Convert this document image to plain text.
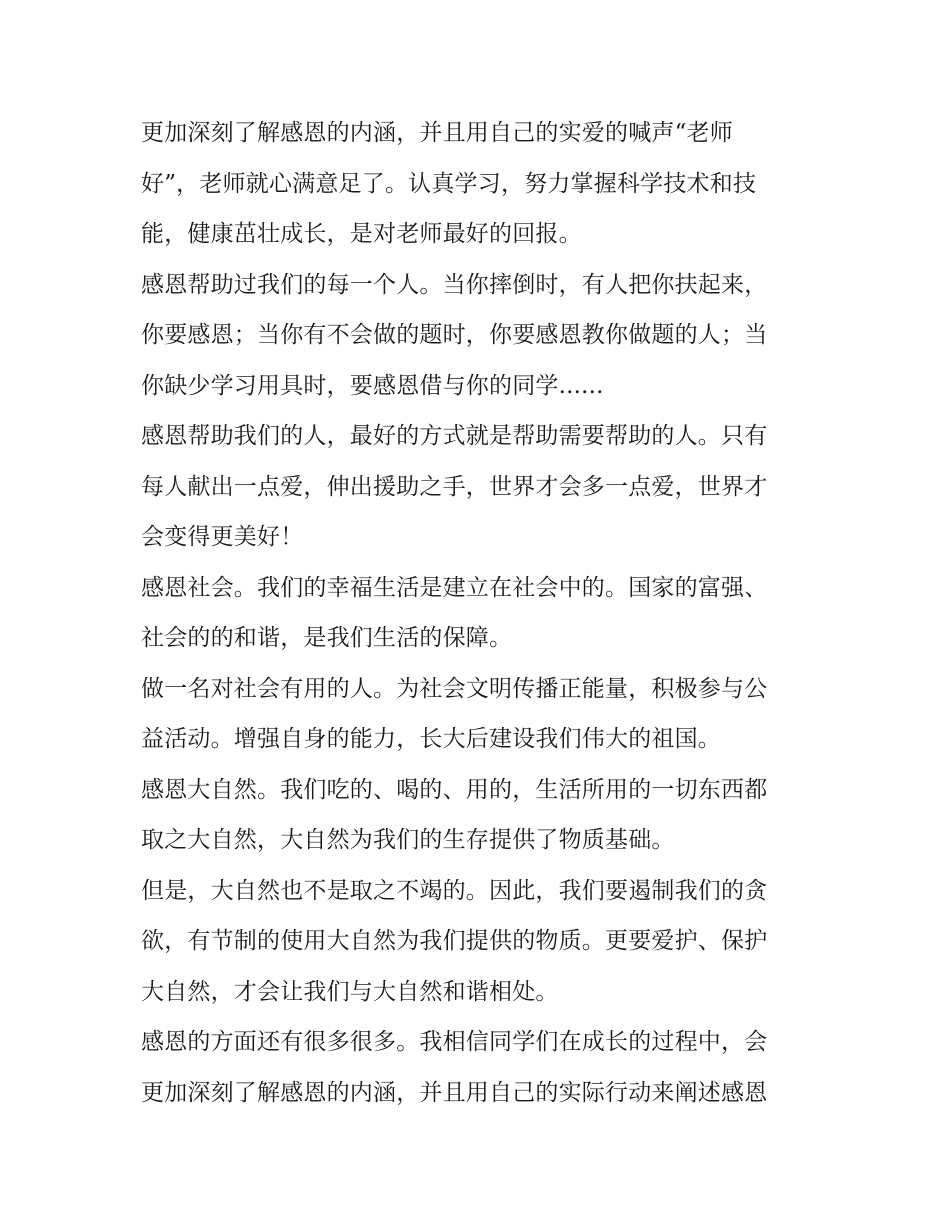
更加深刻了解感恩的内涵，并且用自己的实爱的喊声“老师
好”，老师就心满意足了。认真学习，努力掌握科学技术和技
能，健康茁壮成长，是对老师最好的回报。
感恩帮助过我们的每一个人。当你摔倒时，有人把你扶起来，
你要感恩；当你有不会做的题时，你要感恩教你做题的人；当
你缺少学习用具时，要感恩借与你的同学......
感恩帮助我们的人，最好的方式就是帮助需要帮助的人。只有
每人献出一点爱，伸出援助之手，世界才会多一点爱，世界才
会变得更美好！
感恩社会。我们的幸福生活是建立在社会中的。国家的富强、
社会的的和谐，是我们生活的保障。
做一名对社会有用的人。为社会文明传播正能量，积极参与公
益活动。增强自身的能力，长大后建设我们伟大的祖国。
感恩大自然。我们吃的、喝的、用的，生活所用的一切东西都
取之大自然，大自然为我们的生存提供了物质基础。
但是，大自然也不是取之不竭的。因此，我们要遏制我们的贪
欲，有节制的使用大自然为我们提供的物质。更要爱护、保护
大自然，才会让我们与大自然和谐相处。
感恩的方面还有很多很多。我相信同学们在成长的过程中，会
更加深刻了解感恩的内涵，并且用自己的实际行动来阐述感恩
